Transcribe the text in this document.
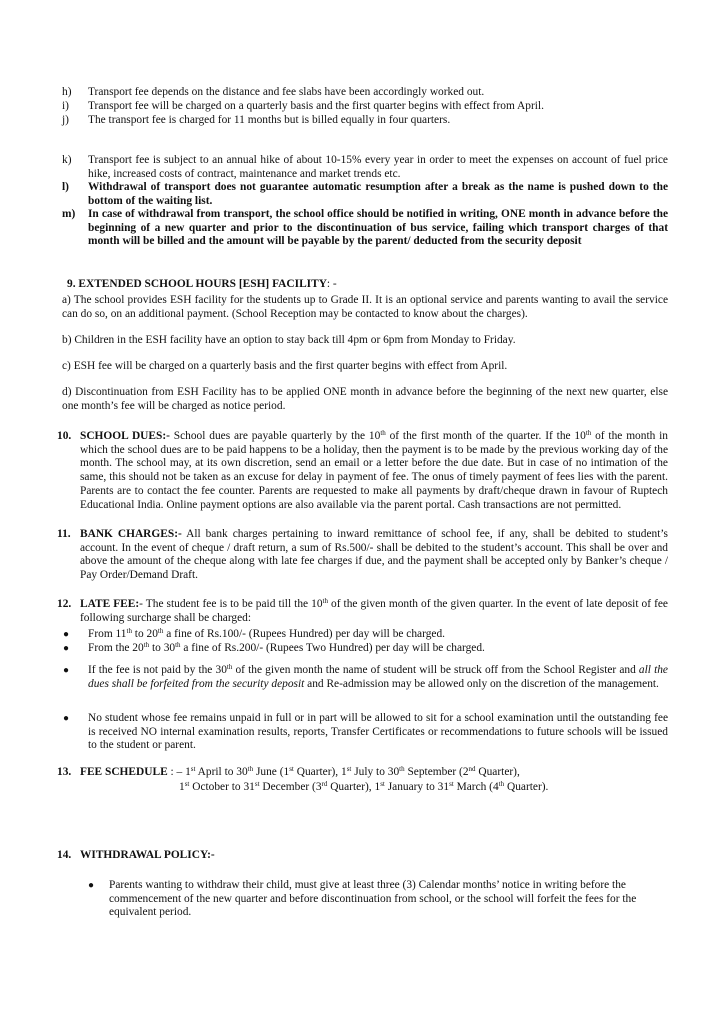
h) Transport fee depends on the distance and fee slabs have been accordingly worked out.

i) Transport fee will be charged on a quarterly basis and the first quarter begins with effect from April.

j) The transport fee is charged for 11 months but is billed equally in four quarters.

k) Transport fee is subject to an annual hike of about 10-15% every year in order to meet the expenses on account of fuel price hike, increased costs of contract, maintenance and market trends etc.

l) Withdrawal of transport does not guarantee automatic resumption after a break as the name is pushed down to the bottom of the waiting list.

m) In case of withdrawal from transport, the school office should be notified in writing, ONE month in advance before the beginning of a new quarter and prior to the discontinuation of bus service, failing which transport charges of that month will be billed and the amount will be payable by the parent/ deducted from the security deposit

9. EXTENDED SCHOOL HOURS [ESH] FACILITY: -

a) The school provides ESH facility for the students up to Grade II. It is an optional service and parents wanting to avail the service can do so, on an additional payment. (School Reception may be contacted to know about the charges).

b) Children in the ESH facility have an option to stay back till 4pm or 6pm from Monday to Friday.

c) ESH fee will be charged on a quarterly basis and the first quarter begins with effect from April.

d) Discontinuation from ESH Facility has to be applied ONE month in advance before the beginning of the next new quarter, else one month’s fee will be charged as notice period.

10. SCHOOL DUES:- School dues are payable quarterly by the 10th of the first month of the quarter. If the 10th of the month in which the school dues are to be paid happens to be a holiday, then the payment is to be made by the previous working day of the month. The school may, at its own discretion, send an email or a letter before the due date. But in case of no intimation of the same, this should not be taken as an excuse for delay in payment of fee. The onus of timely payment of fees lies with the parent. Parents are to contact the fee counter. Parents are requested to make all payments by draft/cheque drawn in favour of Ruptech Educational India. Online payment options are also available via the parent portal. Cash transactions are not permitted.

11. BANK CHARGES:- All bank charges pertaining to inward remittance of school fee, if any, shall be debited to student’s account. In the event of cheque / draft return, a sum of Rs.500/- shall be debited to the student’s account. This shall be over and above the amount of the cheque along with late fee charges if due, and the payment shall be accepted only by Banker’s cheque / Pay Order/Demand Draft.

12. LATE FEE:- The student fee is to be paid till the 10th of the given month of the given quarter. In the event of late deposit of fee following surcharge shall be charged:

● From 11th to 20th a fine of Rs.100/- (Rupees Hundred) per day will be charged.

● From the 20th to 30th a fine of Rs.200/- (Rupees Two Hundred) per day will be charged.

● If the fee is not paid by the 30th of the given month the name of student will be struck off from the School Register and all the dues shall be forfeited from the security deposit and Re-admission may be allowed only on the discretion of the management.

● No student whose fee remains unpaid in full or in part will be allowed to sit for a school examination until the outstanding fee is received NO internal examination results, reports, Transfer Certificates or recommendations to future schools will be issued to the student or parent.

13. FEE SCHEDULE : – 1st April to 30th June (1st Quarter), 1st July to 30th September (2nd Quarter),

1st October to 31st December (3rd Quarter), 1st January to 31st March (4th Quarter).

14. WITHDRAWAL POLICY:-
● Parents wanting to withdraw their child, must give at least three (3) Calendar months’ notice in writing before the commencement of the new quarter and before discontinuation from school, or the school will forfeit the fees for the equivalent period.
